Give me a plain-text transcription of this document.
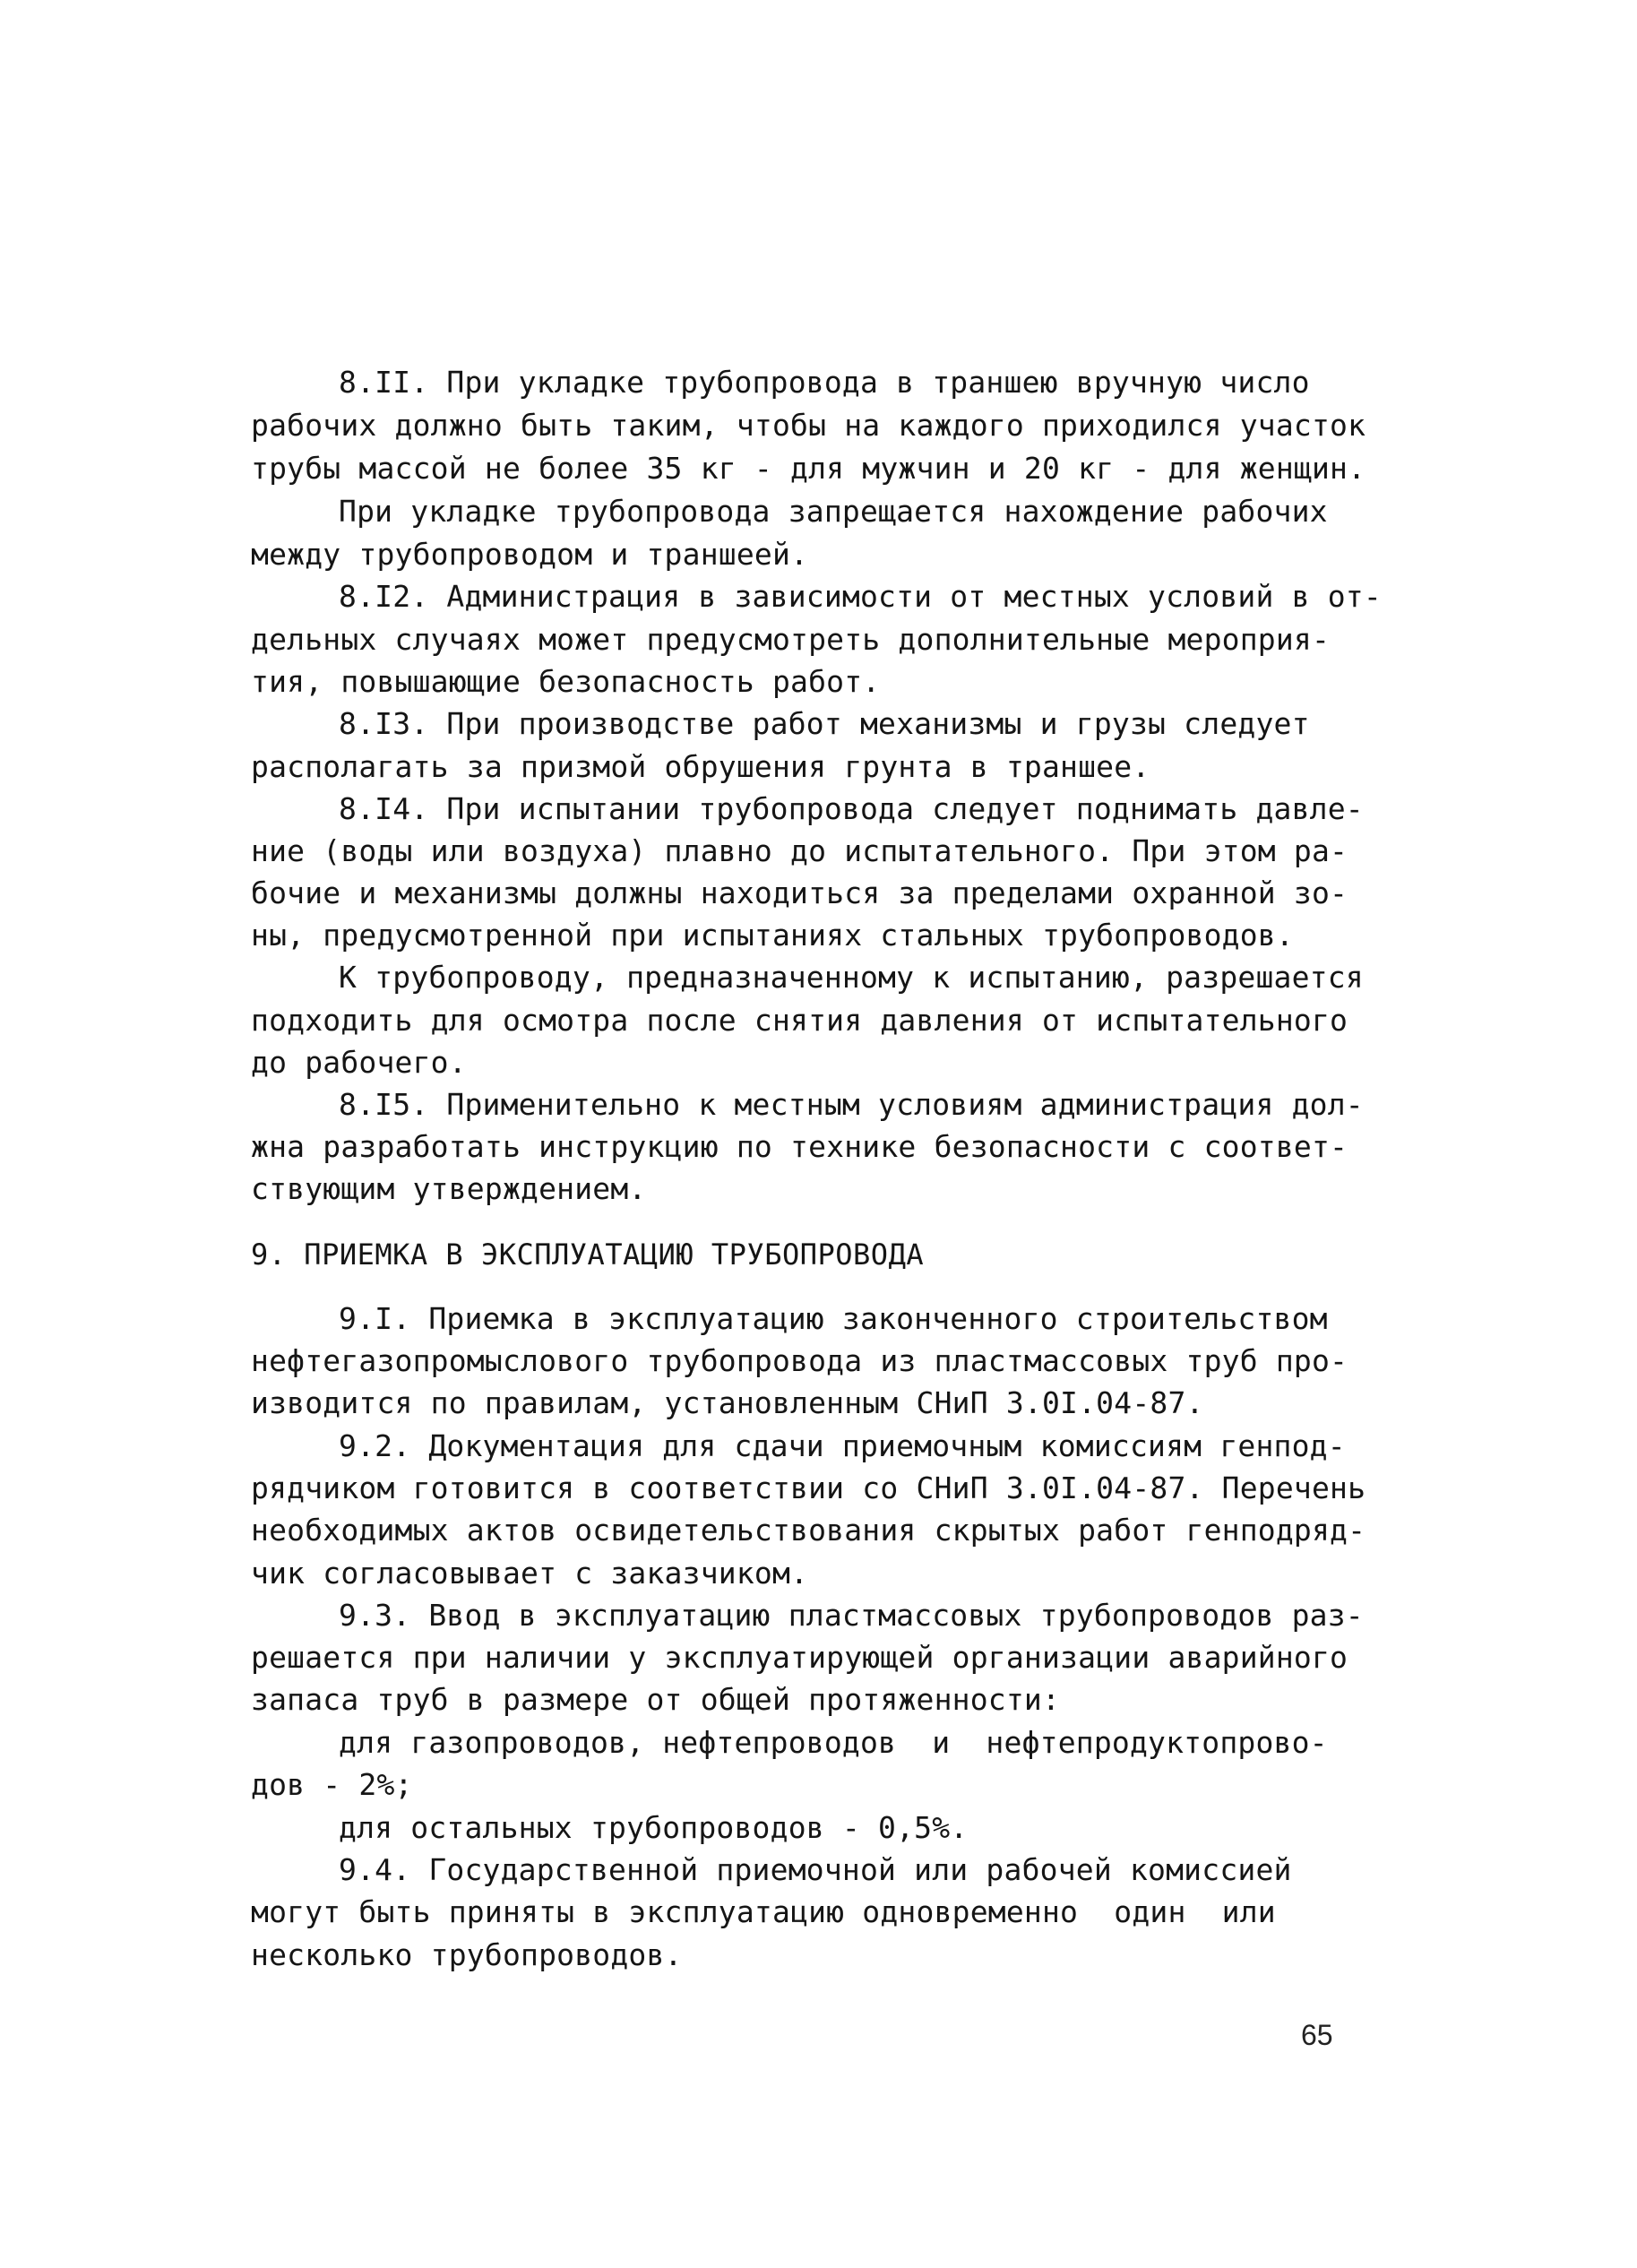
8.II. При укладке трубопровода в траншею вручную число
рабочих должно быть таким, чтобы на каждого приходился участок
трубы массой не более 35 кг - для мужчин и 20 кг - для женщин.
При укладке трубопровода запрещается нахождение рабочих
между трубопроводом и траншеей.
8.I2. Администрация в зависимости от местных условий в от-
дельных случаях может предусмотреть дополнительные мероприя-
тия, повышающие безопасность работ.
8.I3. При производстве работ механизмы и грузы следует
располагать за призмой обрушения грунта в траншее.
8.I4. При испытании трубопровода следует поднимать давле-
ние (воды или воздуха) плавно до испытательного. При этом ра-
бочие и механизмы должны находиться за пределами охранной зо-
ны, предусмотренной при испытаниях стальных трубопроводов.
К трубопроводу, предназначенному к испытанию, разрешается
подходить для осмотра после снятия давления от испытательного
до рабочего.
8.I5. Применительно к местным условиям администрация дол-
жна разработать инструкцию по технике безопасности с соответ-
ствующим утверждением.
9. ПРИЕМКА В ЭКСПЛУАТАЦИЮ ТРУБОПРОВОДА
9.I. Приемка в эксплуатацию законченного строительством
нефтегазопромыслового трубопровода из пластмассовых труб про-
изводится по правилам, установленным СНиП 3.0I.04-87.
9.2. Документация для сдачи приемочным комиссиям генпод-
рядчиком готовится в соответствии со СНиП 3.0I.04-87. Перечень
необходимых актов освидетельствования скрытых работ генподряд-
чик согласовывает с заказчиком.
9.3. Ввод в эксплуатацию пластмассовых трубопроводов раз-
решается при наличии у эксплуатирующей организации аварийного
запаса труб в размере от общей протяженности:
для газопроводов, нефтепроводов  и  нефтепродуктопрово-
дов - 2%;
для остальных трубопроводов - 0,5%.
9.4. Государственной приемочной или рабочей комиссией
могут быть приняты в эксплуатацию одновременно  один  или
несколько трубопроводов.
65
